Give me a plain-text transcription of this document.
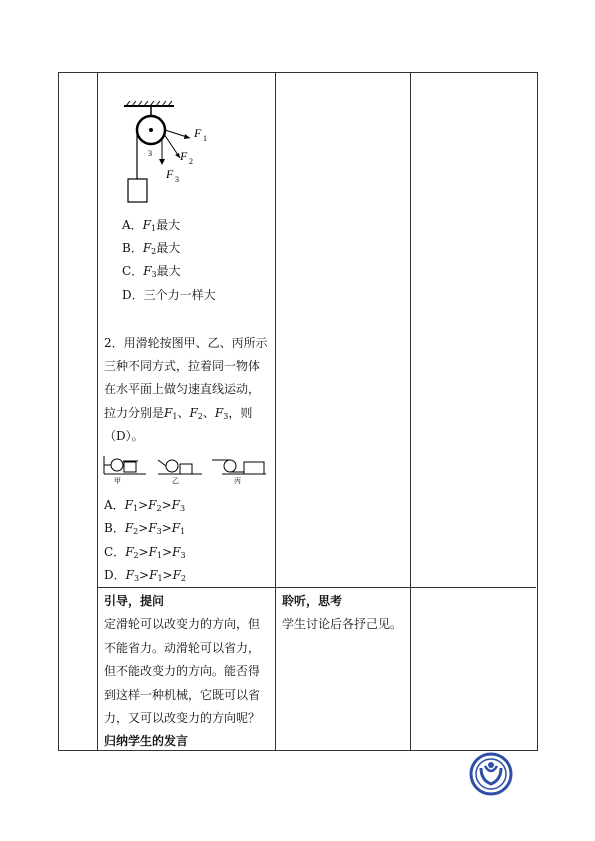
F 1
F 2
F 3
3
A．$F_1$最大
B．$F_2$最大
C．$F_3$最大
D．三个力一样大
2．用滑轮按图甲、乙、丙所示
三种不同方式，拉着同一物体
在水平面上做匀速直线运动，
拉力分别是$F_1$、$F_2$、$F_3$，则
（D）。
甲	乙	丙
A．$F_1>F_2>F_3$
B．$F_2>F_3>F_1$
C．$F_2>F_1>F_3$
D．$F_3>F_1>F_2$
引导，提问
定滑轮可以改变力的方向，但
不能省力。动滑轮可以省力，
但不能改变力的方向。能否得
到这样一种机械，它既可以省
力，又可以改变力的方向呢？
归纳学生的发言
聆听，思考
学生讨论后各抒己见。
